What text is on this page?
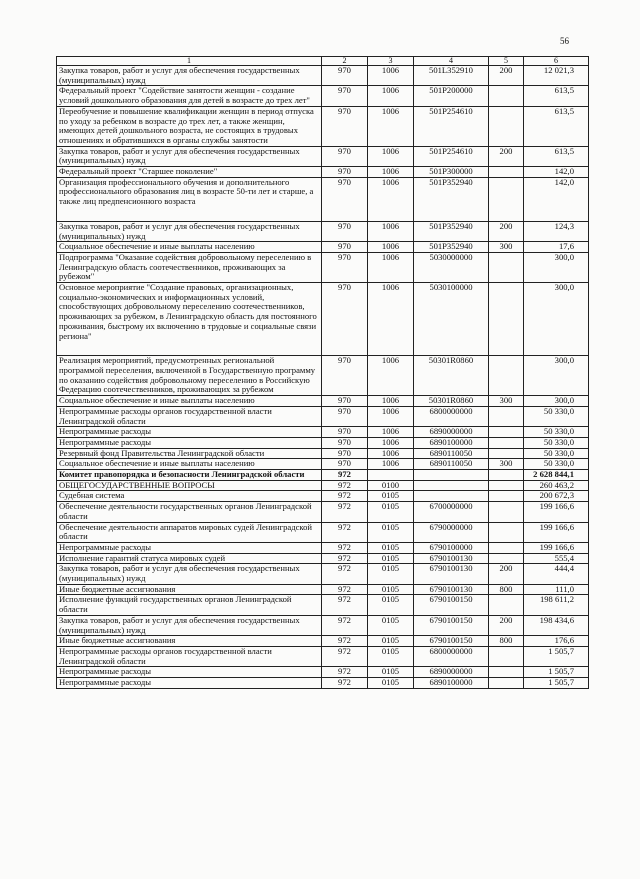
56
1	2	3	4	5	6
Закупка товаров, работ и услуг для обеспечения государственных (муниципальных) нужд	970	1006	501L352910	200	12 021,3
Федеральный проект "Содействие занятости женщин - создание условий дошкольного образования для детей в возрасте до трех лет"	970	1006	501P200000		613,5
Переобучение и повышение квалификации женщин в период отпуска по уходу за ребенком в возрасте до трех лет, а также женщин, имеющих детей дошкольного возраста, не состоящих в трудовых отношениях и обратившихся в органы службы занятости	970	1006	501P254610		613,5
Закупка товаров, работ и услуг для обеспечения государственных (муниципальных) нужд	970	1006	501P254610	200	613,5
Федеральный проект "Старшее поколение"	970	1006	501P300000		142,0
Организация профессионального обучения и дополнительного профессионального образования лиц в возрасте 50-ти лет и старше, а также лиц предпенсионного возраста	970	1006	501P352940		142,0
Закупка товаров, работ и услуг для обеспечения государственных (муниципальных) нужд	970	1006	501P352940	200	124,3
Социальное обеспечение и иные выплаты населению	970	1006	501P352940	300	17,6
Подпрограмма "Оказание содействия добровольному переселению в Ленинградскую область соотечественников, проживающих за рубежом"	970	1006	5030000000		300,0
Основное мероприятие "Создание правовых, организационных, социально-экономических и информационных условий, способствующих добровольному переселению соотечественников, проживающих за рубежом, в Ленинградскую область для постоянного проживания, быстрому их включению в трудовые и социальные связи региона"	970	1006	5030100000		300,0
Реализация мероприятий, предусмотренных региональной программой переселения, включенной в Государственную программу по оказанию содействия добровольному переселению в Российскую Федерацию соотечественников, проживающих за рубежом	970	1006	50301R0860		300,0
Социальное обеспечение и иные выплаты населению	970	1006	50301R0860	300	300,0
Непрограммные расходы органов государственной власти Ленинградской области	970	1006	6800000000		50 330,0
Непрограммные расходы	970	1006	6890000000		50 330,0
Непрограммные расходы	970	1006	6890100000		50 330,0
Резервный фонд Правительства Ленинградской области	970	1006	6890110050		50 330,0
Социальное обеспечение и иные выплаты населению	970	1006	6890110050	300	50 330,0
Комитет правопорядка и безопасности Ленинградской области	972				2 628 844,1
ОБЩЕГОСУДАРСТВЕННЫЕ ВОПРОСЫ	972	0100			260 463,2
Судебная система	972	0105			200 672,3
Обеспечение деятельности государственных органов Ленинградской области	972	0105	6700000000		199 166,6
Обеспечение деятельности аппаратов мировых судей Ленинградской области	972	0105	6790000000		199 166,6
Непрограммные расходы	972	0105	6790100000		199 166,6
Исполнение гарантий статуса мировых судей	972	0105	6790100130		555,4
Закупка товаров, работ и услуг для обеспечения государственных (муниципальных) нужд	972	0105	6790100130	200	444,4
Иные бюджетные ассигнования	972	0105	6790100130	800	111,0
Исполнение функций государственных органов Ленинградской области	972	0105	6790100150		198 611,2
Закупка товаров, работ и услуг для обеспечения государственных (муниципальных) нужд	972	0105	6790100150	200	198 434,6
Иные бюджетные ассигнования	972	0105	6790100150	800	176,6
Непрограммные расходы органов государственной власти Ленинградской области	972	0105	6800000000		1 505,7
Непрограммные расходы	972	0105	6890000000		1 505,7
Непрограммные расходы	972	0105	6890100000		1 505,7
